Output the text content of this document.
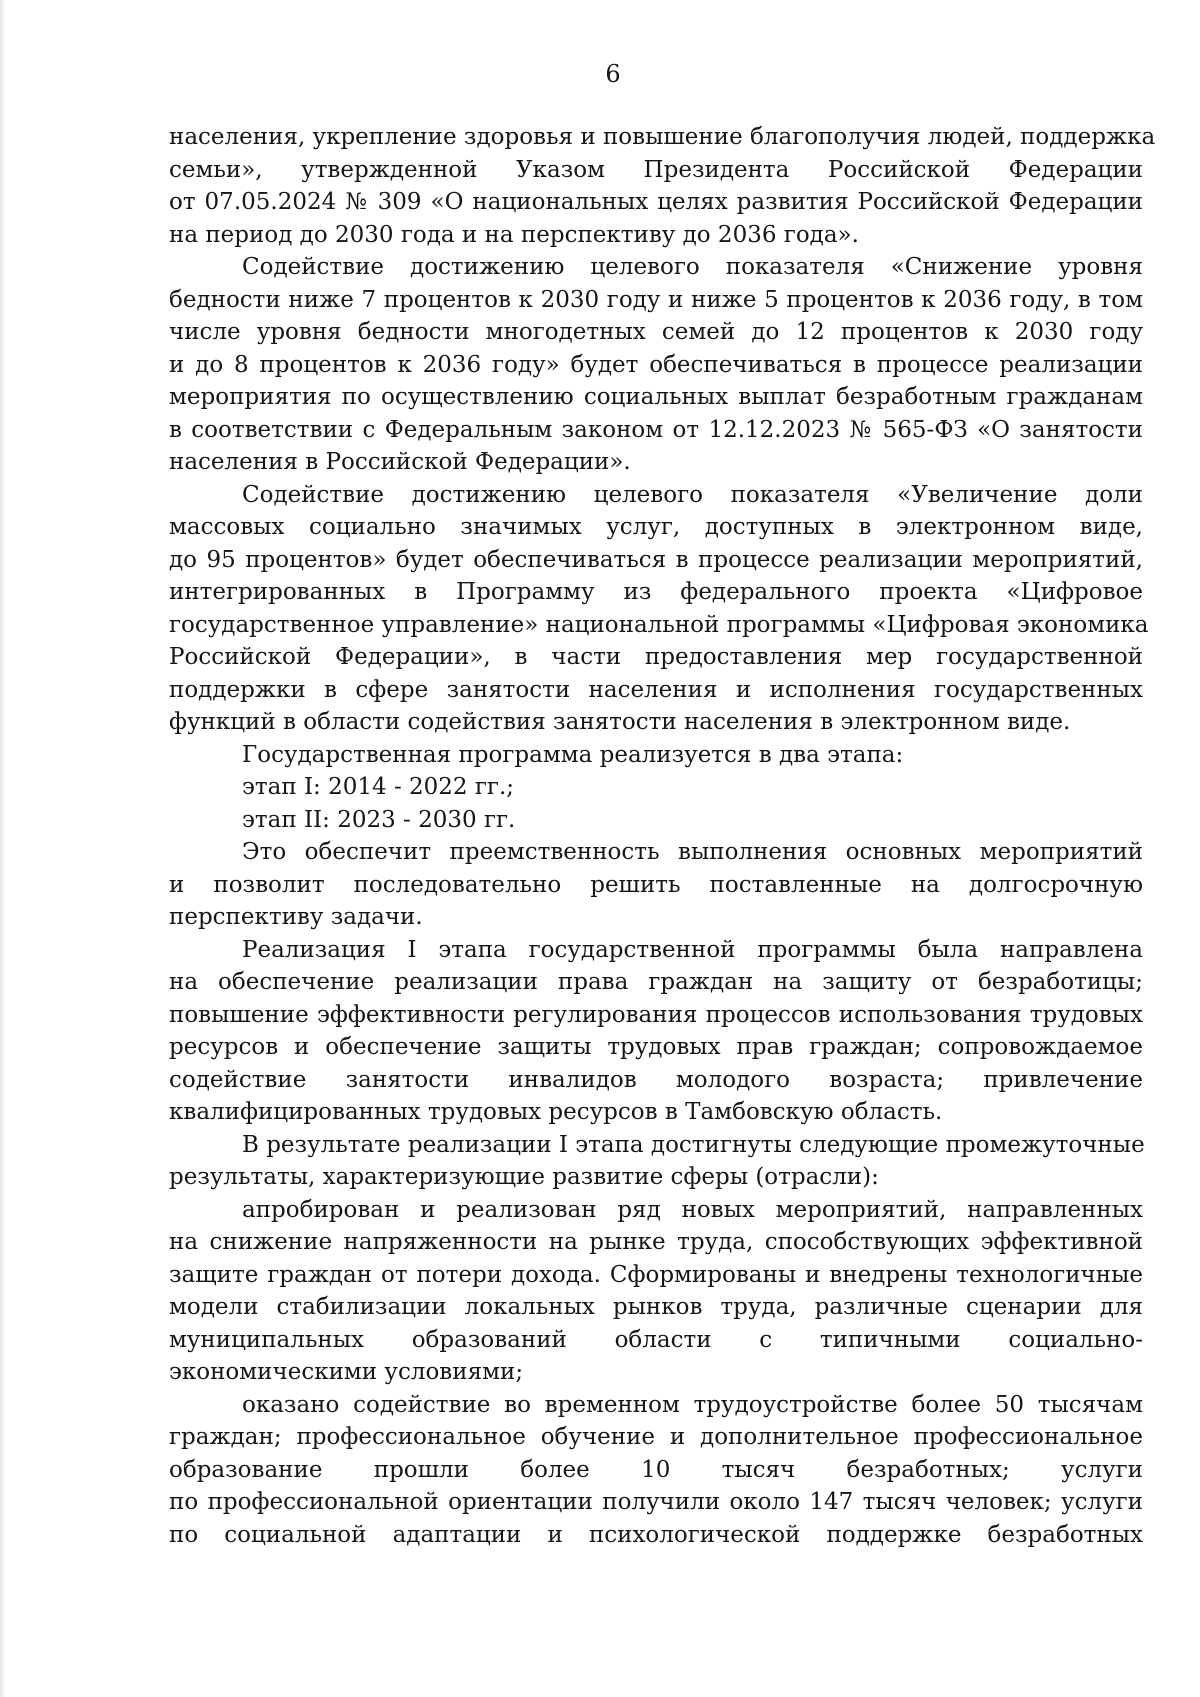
6
населения, укрепление здоровья и повышение благополучия людей, поддержка
семьи», утвержденной Указом Президента Российской Федерации
от 07.05.2024 № 309 «О национальных целях развития Российской Федерации
на период до 2030 года и на перспективу до 2036 года».
Содействие достижению целевого показателя «Снижение уровня
бедности ниже 7 процентов к 2030 году и ниже 5 процентов к 2036 году, в том
числе уровня бедности многодетных семей до 12 процентов к 2030 году
и до 8 процентов к 2036 году» будет обеспечиваться в процессе реализации
мероприятия по осуществлению социальных выплат безработным гражданам
в соответствии с Федеральным законом от 12.12.2023 № 565-ФЗ «О занятости
населения в Российской Федерации».
Содействие достижению целевого показателя «Увеличение доли
массовых социально значимых услуг, доступных в электронном виде,
до 95 процентов» будет обеспечиваться в процессе реализации мероприятий,
интегрированных в Программу из федерального проекта «Цифровое
государственное управление» национальной программы «Цифровая экономика
Российской Федерации», в части предоставления мер государственной
поддержки в сфере занятости населения и исполнения государственных
функций в области содействия занятости населения в электронном виде.
Государственная программа реализуется в два этапа:
этап I: 2014 - 2022 гг.;
этап II: 2023 - 2030 гг.
Это обеспечит преемственность выполнения основных мероприятий
и позволит последовательно решить поставленные на долгосрочную
перспективу задачи.
Реализация I этапа государственной программы была направлена
на обеспечение реализации права граждан на защиту от безработицы;
повышение эффективности регулирования процессов использования трудовых
ресурсов и обеспечение защиты трудовых прав граждан; сопровождаемое
содействие занятости инвалидов молодого возраста; привлечение
квалифицированных трудовых ресурсов в Тамбовскую область.
В результате реализации I этапа достигнуты следующие промежуточные
результаты, характеризующие развитие сферы (отрасли):
апробирован и реализован ряд новых мероприятий, направленных
на снижение напряженности на рынке труда, способствующих эффективной
защите граждан от потери дохода. Сформированы и внедрены технологичные
модели стабилизации локальных рынков труда, различные сценарии для
муниципальных образований области с типичными социально-
экономическими условиями;
оказано содействие во временном трудоустройстве более 50 тысячам
граждан; профессиональное обучение и дополнительное профессиональное
образование прошли более 10 тысяч безработных; услуги
по профессиональной ориентации получили около 147 тысяч человек; услуги
по социальной адаптации и психологической поддержке безработных
